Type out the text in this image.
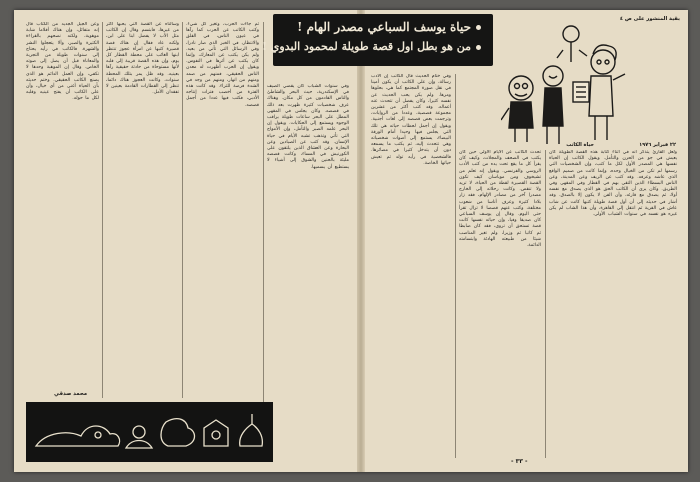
وعن الجيل الجديد من الكتاب قال إنه متفائل، وإن هناك أقلاما شابة موهوبة، ولكنه نصحهم بالقراءة الكثيرة والصبر، وألا يتعجلوا النشر والشهرة. فالكاتب في رأيه يحتاج إلى سنوات طويلة من التجربة والمعاناة قبل أن يصل إلى صوته الخاص. وقال إن الموهبة وحدها لا تكفي، وإن العمل الدائم هو الذي يصنع الكاتب الحقيقي. وختم حديثه بأن الحياة أغنى من أي خيال، وأن على الكاتب أن يفتح عينيه وقلبه لكل ما حوله.
وسألناه عن القصة التي يحبها أكثر من غيرها، فابتسم وقال إن الكاتب مثل الأب لا يفضل ابنا على ابن، ولكنه عاد فقال إن هناك قصة قصيرة كتبها عن امرأة عجوز تنتظر ابنها الغائب على محطة القطار كل يوم، وإن هذه القصة قريبة إلى قلبه لأنها مستوحاة من حادثة حقيقية رآها بعينيه. وقد ظل يمر بتلك المحطة سنوات، وكانت العجوز هناك دائما، تنظر إلى القطارات القادمة بعينين لا تفقدان الأمل.
ثم جاءت الحرب، وتغير كل شيء. وكتب الكاتب عن الحرب كما رآها في عيون الناس، في القلق والانتظار، في الخبز الذي صار نادرا، وفي الرسائل التي تأتي من بعيد. ولم يكن يكتب عن المعارك، وإنما كان يكتب عن أثرها في النفوس. ويقول إن الحرب أظهرت له معدن الناس الحقيقي، فمنهم من صمد ومنهم من انهار، ومنهم من وجد في الشدة فرصة للثراء. وقد كانت هذه الفترة من أخصب فترات إنتاجه الأدبي، فكتب فيها عددا من أجمل قصصه.
وفي سنوات الشباب كان يقضي الصيف في الإسكندرية، حيث البحر والشاطئ والناس القادمون من كل مكان. وهناك عرف شخصيات كثيرة ظهرت بعد ذلك في قصصه. وكان يجلس في المقهى المطل على البحر ساعات طويلة يراقب الوجوه ويستمع إلى الحكايات. ويقول إن البحر علمه الصبر والتأمل، وإن الأمواج التي تأتي وتذهب تشبه الأيام في حياة الإنسان. وقد كتب عن الصيادين وعن البحارة وعن العشاق الذين يلتقون على الكورنيش في المساء، وكانت قصصه مليئة بالحنين والشوق إلى أشياء لا يستطيع أن يسميها.
محمد صدقي
حياة يوسف السباعي مصدر الهام !
من هو بطل اول قصة طويلة لمحمود البدوي !
بقية المنشور على ص ٤
وفي ختام الحديث قال الكاتب إن الأدب رسالة، وإن على الكاتب أن يكون أمينا في نقل صورة المجتمع كما هي، بحلوها ومرها. ولم يكن يحب الحديث عن نفسه كثيرا، وكان يفضل أن تتحدث عنه أعماله. وقد كتب أكثر من عشرين مجموعة قصصية، وعددا من الروايات، وترجمت بعض قصصه إلى لغات أجنبية. ويقول إن أجمل لحظات حياته هي تلك التي يجلس فيها وحيدا أمام الورقة البيضاء، يستمع إلى أصوات شخصياته وهي تتحدث إليه، ثم يكتب ما يسمعه دون أن يتدخل كثيرا في مصائرها. فالشخصية في رأيه تولد ثم تعيش حياتها الخاصة.
تحدث الكاتب عن الأيام الأولى حين كان يكتب في الصحف والمجلات، وكيف كان يقرأ كل ما يقع تحت يده من كتب الأدب الروسي والفرنسي. ويقول إنه تعلم من تشيخوف ومن موباسان كيف تكون القصة القصيرة لقطة من الحياة، لا تزيد ولا تنقص. وكانت رحلاته إلى الخارج مصدرا آخر من مصادر الإلهام، فقد زار بلادا كثيرة وعرف أناسا من شعوب مختلفة، وكتب عنهم قصصا لا تزال تقرأ حتى اليوم. وقال إن يوسف السباعي كان صديقا وفيا، وإن حياته نفسها كانت قصة تستحق أن تروى، فقد كان ضابطا ثم كاتبا ثم وزيرا، ولم تغير المناصب شيئا من طبيعته الهادئة وابتسامته الدائمة.
ولعل القارئ يتذكر أنه في أثناء كتابة هذه القصة الطويلة كان يعيش في جو من الحزن والتأمل. ويقول الكاتب إن الحياة نفسها هي المصدر الأول لكل ما كتب، وإن الشخصيات التي رسمها لم تكن من الخيال وحده، وإنما كانت من صميم الواقع الذي عاشه وعرفه. وقد كتب عن الريف وعن المدينة، وعن الناس البسطاء الذين التقى بهم في القطار وفي المقهى وفي الطريق. وكان يرى أن الكاتب الحق هو الذي يصدق مع نفسه أولا، ثم يصدق مع قارئه، وأن الفن لا يكون إلا بالصدق. وقد أشار في حديثه إلى أن أول قصة طويلة كتبها كانت عن شاب عاش في القرية ثم انتقل إلى القاهرة، وأن هذا الشاب لم يكن غيره هو نفسه في سنوات الشباب الأولى.
٢٢ فبراير ١٩٧٦
حياة الكاتب
- ٣٣ -
